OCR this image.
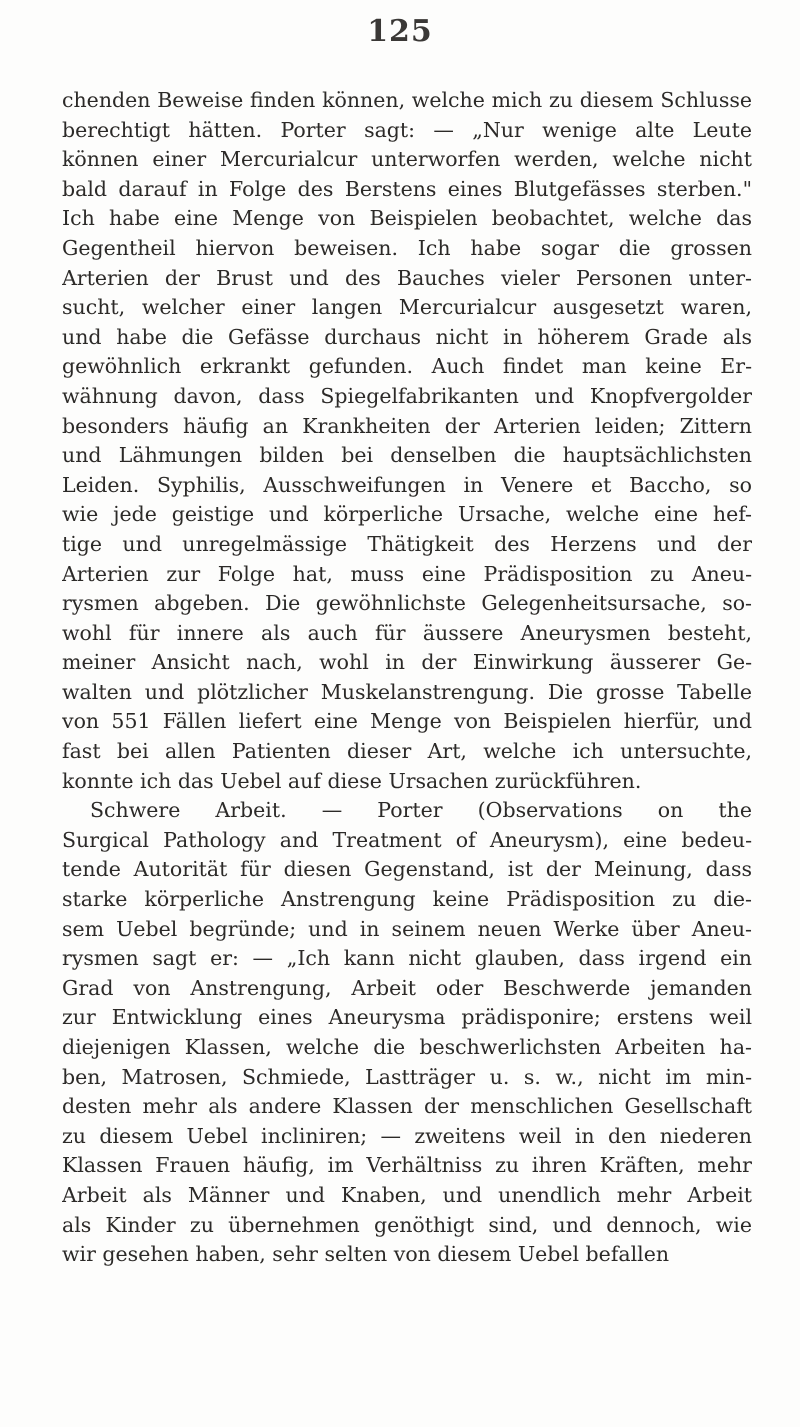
125
chenden Beweise finden können, welche mich zu diesem Schlusse
berechtigt hätten. Porter sagt: — „Nur wenige alte Leute
können einer Mercurialcur unterworfen werden, welche nicht
bald darauf in Folge des Berstens eines Blutgefässes sterben."
Ich habe eine Menge von Beispielen beobachtet, welche das
Gegentheil hiervon beweisen. Ich habe sogar die grossen
Arterien der Brust und des Bauches vieler Personen unter-
sucht, welcher einer langen Mercurialcur ausgesetzt waren,
und habe die Gefässe durchaus nicht in höherem Grade als
gewöhnlich erkrankt gefunden. Auch findet man keine Er-
wähnung davon, dass Spiegelfabrikanten und Knopfvergolder
besonders häufig an Krankheiten der Arterien leiden; Zittern
und Lähmungen bilden bei denselben die hauptsächlichsten
Leiden. Syphilis, Ausschweifungen in Venere et Baccho, so
wie jede geistige und körperliche Ursache, welche eine hef-
tige und unregelmässige Thätigkeit des Herzens und der
Arterien zur Folge hat, muss eine Prädisposition zu Aneu-
rysmen abgeben. Die gewöhnlichste Gelegenheitsursache, so-
wohl für innere als auch für äussere Aneurysmen besteht,
meiner Ansicht nach, wohl in der Einwirkung äusserer Ge-
walten und plötzlicher Muskelanstrengung. Die grosse Tabelle
von 551 Fällen liefert eine Menge von Beispielen hierfür, und
fast bei allen Patienten dieser Art, welche ich untersuchte,
konnte ich das Uebel auf diese Ursachen zurückführen.
Schwere Arbeit. — Porter (Observations on the
Surgical Pathology and Treatment of Aneurysm), eine bedeu-
tende Autorität für diesen Gegenstand, ist der Meinung, dass
starke körperliche Anstrengung keine Prädisposition zu die-
sem Uebel begründe; und in seinem neuen Werke über Aneu-
rysmen sagt er: — „Ich kann nicht glauben, dass irgend ein
Grad von Anstrengung, Arbeit oder Beschwerde jemanden
zur Entwicklung eines Aneurysma prädisponire; erstens weil
diejenigen Klassen, welche die beschwerlichsten Arbeiten ha-
ben, Matrosen, Schmiede, Lastträger u. s. w., nicht im min-
desten mehr als andere Klassen der menschlichen Gesellschaft
zu diesem Uebel incliniren; — zweitens weil in den niederen
Klassen Frauen häufig, im Verhältniss zu ihren Kräften, mehr
Arbeit als Männer und Knaben, und unendlich mehr Arbeit
als Kinder zu übernehmen genöthigt sind, und dennoch, wie
wir gesehen haben, sehr selten von diesem Uebel befallen
